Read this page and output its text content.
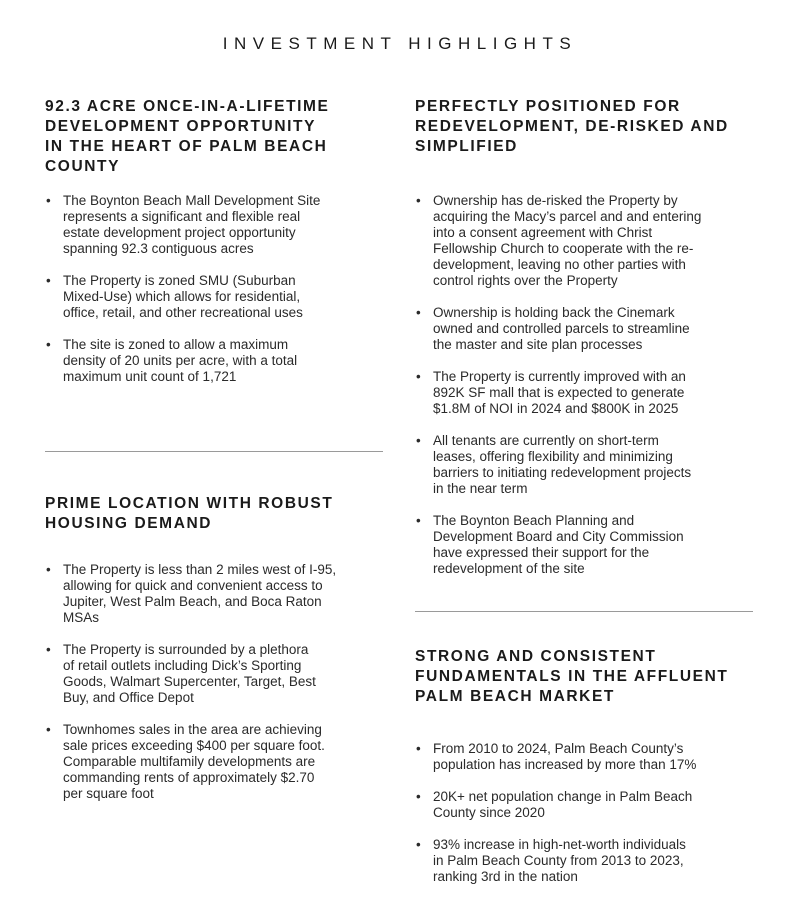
INVESTMENT HIGHLIGHTS
92.3 ACRE ONCE-IN-A-LIFETIME
DEVELOPMENT OPPORTUNITY
IN THE HEART OF PALM BEACH
COUNTY
• The Boynton Beach Mall Development Site
represents a significant and flexible real
estate development project opportunity
spanning 92.3 contiguous acres
• The Property is zoned SMU (Suburban
Mixed-Use) which allows for residential,
office, retail, and other recreational uses
• The site is zoned to allow a maximum
density of 20 units per acre, with a total
maximum unit count of 1,721
PRIME LOCATION WITH ROBUST
HOUSING DEMAND
• The Property is less than 2 miles west of I-95,
allowing for quick and convenient access to
Jupiter, West Palm Beach, and Boca Raton
MSAs
• The Property is surrounded by a plethora
of retail outlets including Dick’s Sporting
Goods, Walmart Supercenter, Target, Best
Buy, and Office Depot
• Townhomes sales in the area are achieving
sale prices exceeding $400 per square foot.
Comparable multifamily developments are
commanding rents of approximately $2.70
per square foot
PERFECTLY POSITIONED FOR
REDEVELOPMENT, DE-RISKED AND
SIMPLIFIED
• Ownership has de-risked the Property by
acquiring the Macy’s parcel and and entering
into a consent agreement with Christ
Fellowship Church to cooperate with the re-
development, leaving no other parties with
control rights over the Property
• Ownership is holding back the Cinemark
owned and controlled parcels to streamline
the master and site plan processes
• The Property is currently improved with an
892K SF mall that is expected to generate
$1.8M of NOI in 2024 and $800K in 2025
• All tenants are currently on short-term
leases, offering flexibility and minimizing
barriers to initiating redevelopment projects
in the near term
• The Boynton Beach Planning and
Development Board and City Commission
have expressed their support for the
redevelopment of the site
STRONG AND CONSISTENT
FUNDAMENTALS IN THE AFFLUENT
PALM BEACH MARKET
• From 2010 to 2024, Palm Beach County’s
population has increased by more than 17%
• 20K+ net population change in Palm Beach
County since 2020
• 93% increase in high-net-worth individuals
in Palm Beach County from 2013 to 2023,
ranking 3rd in the nation
